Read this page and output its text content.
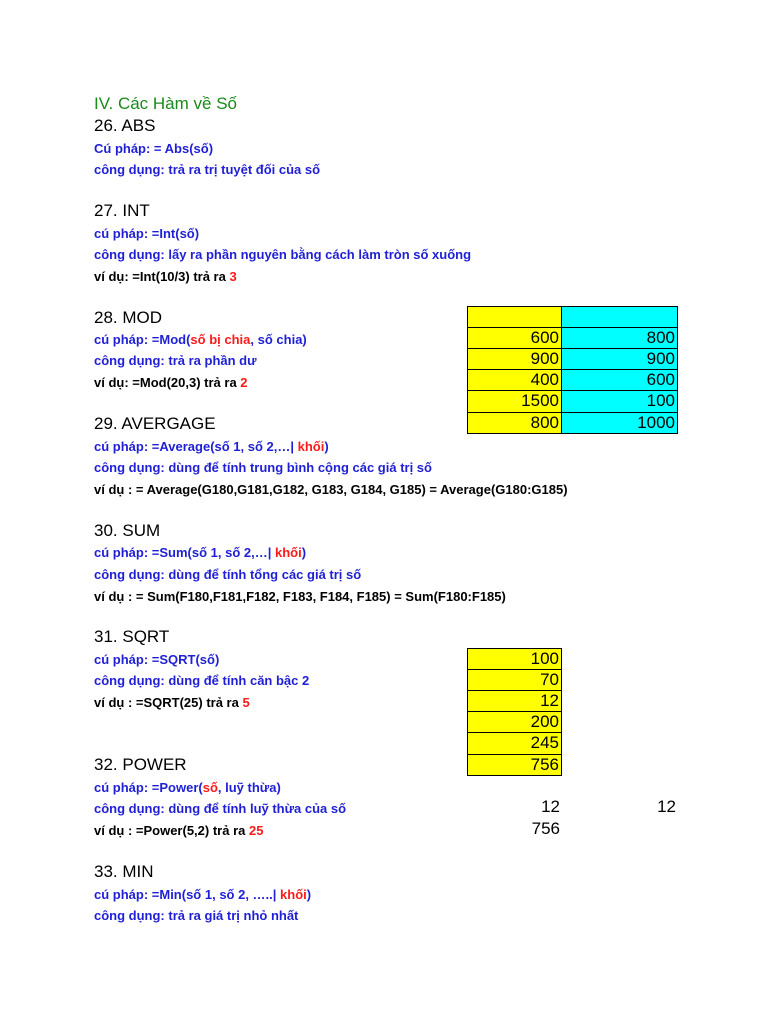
IV. Các Hàm về Số
26. ABS
Cú pháp: = Abs(số)
công dụng: trả ra trị tuyệt đối của số
27. INT
cú pháp: =Int(số)
công dụng: lấy ra phần nguyên bằng cách làm tròn số xuống
ví dụ: =Int(10/3) trả ra 3
28. MOD
cú pháp: =Mod(số bị chia, số chia)
công dụng: trả ra phần dư
ví dụ: =Mod(20,3) trả ra 2
29. AVERGAGE
cú pháp: =Average(số 1, số 2,…| khối)
công dụng: dùng để tính trung bình cộng các giá trị số
ví dụ : = Average(G180,G181,G182, G183, G184, G185) = Average(G180:G185)
30. SUM
cú pháp: =Sum(số 1, số 2,…| khối)
công dụng: dùng để tính tổng các giá trị số
ví dụ : = Sum(F180,F181,F182, F183, F184, F185) = Sum(F180:F185)
31. SQRT
cú pháp: =SQRT(số)
công dụng: dùng để tính căn bậc 2
ví dụ : =SQRT(25) trả ra 5
32. POWER
cú pháp: =Power(số, luỹ thừa)
công dụng: dùng để tính luỹ thừa của số
ví dụ : =Power(5,2) trả ra 25
33. MIN
cú pháp: =Min(số 1, số 2, …..| khối)
công dụng: trả ra giá trị nhỏ nhất
600
900
400
1500
800
800
900
600
100
1000
100
70
12
200
245
756
12	12
756
